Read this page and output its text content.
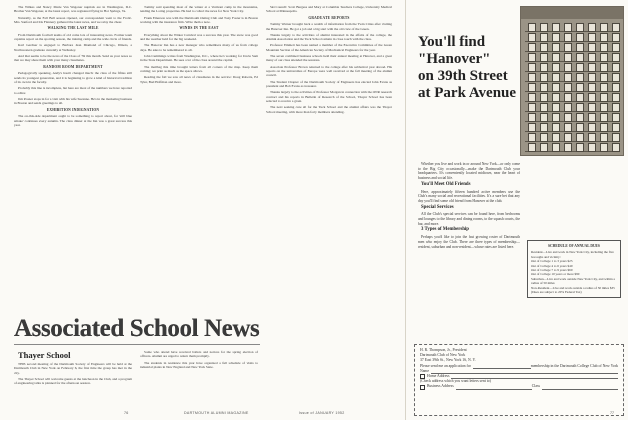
The Wilkes and Nancy Marie Van Wagoner nuptials are in Washington, D.C. Brother Van Wagoner, at the latest report, was registered flying in Hot Springs, Va.

Naturally, as the Fall Ball season ripened, our correspondent went to the Frolic. Mrs. Sanford and Iris Flannery gathered the latest news, and we relay the cheer.

WALKING THE LAST MILE

From Dartmouth football teams of old come lots of interesting news. Former team captains report on the sporting season, the training camp and the wide circle of friends.

Karl Gardner is engaged to Barbara Jean Diamond of Chicago, Illinois, a Northwestern graduate currently at Wellesley.

And that seems to be the news of the Class of '39 this month. Send us your notes so that we may share them with your many classmates.

RANDOM ROOM DEPARTMENT

Pedagogically speaking, Andy's hasn't changed much: the class of the fifties still sends its youngest generation, and it is beginning to grow a kind of historical tradition of its own in the faculty.

Probably this line is incomplete, but here are most of the numbers we have reported to editor.

Jim Posner stops in for a visit with his wife Suzanne. He's in the marketing business in Boston and sends greetings to all.

EXHIBITION INDIGNATION

The on-this-side department ought to be something to report about, for 'still blue smoke' continues every autumn. The class dinner at the Inn was a great success this year.

Tommy said spending most of the winter at a Vermont camp in the mountains, tending the Loring properties. He had to collect the news for New York City.

Frank Emerson was with the Dartmouth Outing Club and Tony Foster is in Boston working with the insurance firm. Write them a note.

WINDS IN THE EAST

Everything about the Winter Carnival was a success this year. The snow was good and the weather held for the big weekend.

The Hanover Inn has a new manager who remembers many of us from college days. He asks to be remembered to all.

John Cummings writes from Washington, D.C., where he's working for Uncle Sam in the State Department. He sees a lot of the class around the capital.

The mailbag this time brought letters from all corners of the map. Keep them coming; we print as much as the space allows.

Reading the fall we saw all news of classmates in the service: Doug Roberts, Ed Tyler, Bud Hoffman and more.

Ski Council: Scott Burgess and Mary at Columbia Teachers College, University Medical School at Minneapolis.

GRADUATE REPORTS

Tommy Warner brought back a wealth of information from the Twin Cities after visiting the Hanover Inn. He got a job and a big start with the old crew of the Green.

Thanks largely to the activities of alumni interested in the affairs of the college, the Alumni Association and the Tuck School remain in close touch with the class.

Professor Emmett has been named a member of the Executive Committee of the Green Mountain Section of the American Society of Mechanical Engineers for the year.

The seven combined business schools held their annual meeting at Hanover, and a great many of our class attended the sessions.

Associate Professor Brown returned to the college after his sabbatical year abroad. His reports on the universities of Europe were well received at the fall meeting of the alumni council.

The Student Chapter of the Dartmouth Society of Engineers has elected John Evans as president and Bob Evans as treasurer.

Thanks largely to the activities of Professor Morgan in connection with the ONR research contract and his reports in Bulletin of Research of the School, Thayer School has been selected to receive a grant.

The next seeking cure all for the Tuck School and the alumni affairs was the Thayer School meeting, with more than forty members attending.

Associated School News

Thayer School

THIS second meeting of the Dartmouth Society of Engineers will be held at the Dartmouth Club in New York on February 6, the first time the group has met in the city.

The Thayer School will welcome guests at the luncheon in the Club, and a program of engineering talks is planned for the afternoon session.

Some who attend have received ballots and notices for the spring election of officers. Alumni are urged to return them promptly.

The students in residence this year have organized a full schedule of visits to industrial plants in New England and New York State.

76	DARTMOUTH ALUMNI MAGAZINE	Issue of JANUARY 1952
You'll find
"Hanover"
on 39th Street
at Park Avenue

Whether you live and work in or around New York—or only come to the Big City occasionally—make the Dartmouth Club your headquarters. It's conveniently located midtown, near the heart of business and social life.

You'll Meet Old Friends

Here, approximately fifteen hundred active members use the Club's many social and recreational facilities. It's a sure bet that any day you'll find some old friend from Hanover at the club.

Special Services

All the Club's special services can be found here, from bedrooms and lounges to the library and dining rooms, to the squash courts, the bar, and more.

3 Types of Membership

Perhaps you'd like to join the fast growing roster of Dartmouth men who enjoy the Club. There are three types of membership—resident, suburban and non-resident—whose rates are listed here.	SCHEDULE OF ANNUAL DUES
Resident—Live and work in New York City, including the five boroughs and vicinity:
Out of College 1 to 3 years $25
Out of College 4 to 6 years $40
Out of College 7 to 9 years $60
Out of College 10 years or more $90
Suburban—Live and work outside New York City, and within a radius of 50 miles
Non-Resident—Live and work outside a radius of 50 miles $35
(Dues are subject to 20% Federal Tax)
H. R. Thompson, Jr., President
Dartmouth Club of New York
37 East 39th St., New York 16, N. Y.
Please send me an application for	membership in the Dartmouth College Club of New York
Name
Home Address
(Check address which you want letters sent to)
Business Address	Class
77
